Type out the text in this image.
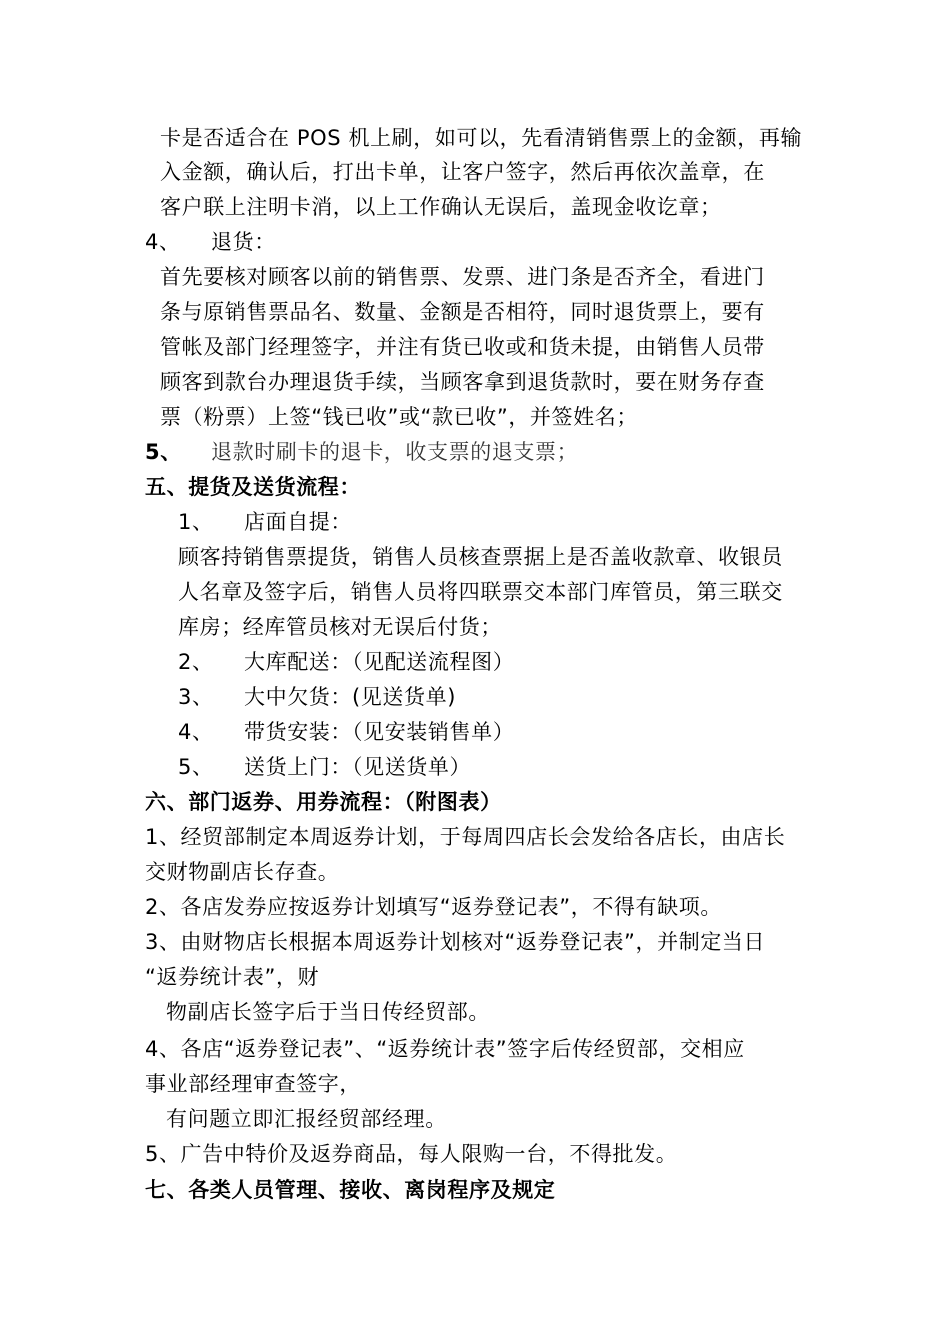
卡是否适合在 POS 机上刷，如可以，先看清销售票上的金额，再输
入金额，确认后，打出卡单，让客户签字，然后再依次盖章，在
客户联上注明卡消，以上工作确认无误后，盖现金收讫章；
4、 退货：
首先要核对顾客以前的销售票、发票、进门条是否齐全，看进门
条与原销售票品名、数量、金额是否相符，同时退货票上，要有
管帐及部门经理签字，并注有货已收或和货未提，由销售人员带
顾客到款台办理退货手续，当顾客拿到退货款时，要在财务存查
票（粉票）上签“钱已收”或“款已收”，并签姓名；
5、 退款时刷卡的退卡，收支票的退支票；
五、提货及送货流程：
1、 店面自提：
顾客持销售票提货，销售人员核查票据上是否盖收款章、收银员
人名章及签字后，销售人员将四联票交本部门库管员，第三联交
库房；经库管员核对无误后付货；
2、 大库配送：（见配送流程图）
3、 大中欠货：(见送货单)
4、 带货安装：（见安装销售单）
5、 送货上门：（见送货单）
六、部门返券、用券流程：（附图表）
1、经贸部制定本周返券计划，于每周四店长会发给各店长，由店长
交财物副店长存查。
2、各店发券应按返券计划填写“返券登记表”，不得有缺项。
3、由财物店长根据本周返券计划核对“返券登记表”，并制定当日
“返券统计表”，财
物副店长签字后于当日传经贸部。
4、各店“返券登记表”、“返券统计表”签字后传经贸部，交相应
事业部经理审查签字，
有问题立即汇报经贸部经理。
5、广告中特价及返券商品，每人限购一台，不得批发。
七、各类人员管理、接收、离岗程序及规定
